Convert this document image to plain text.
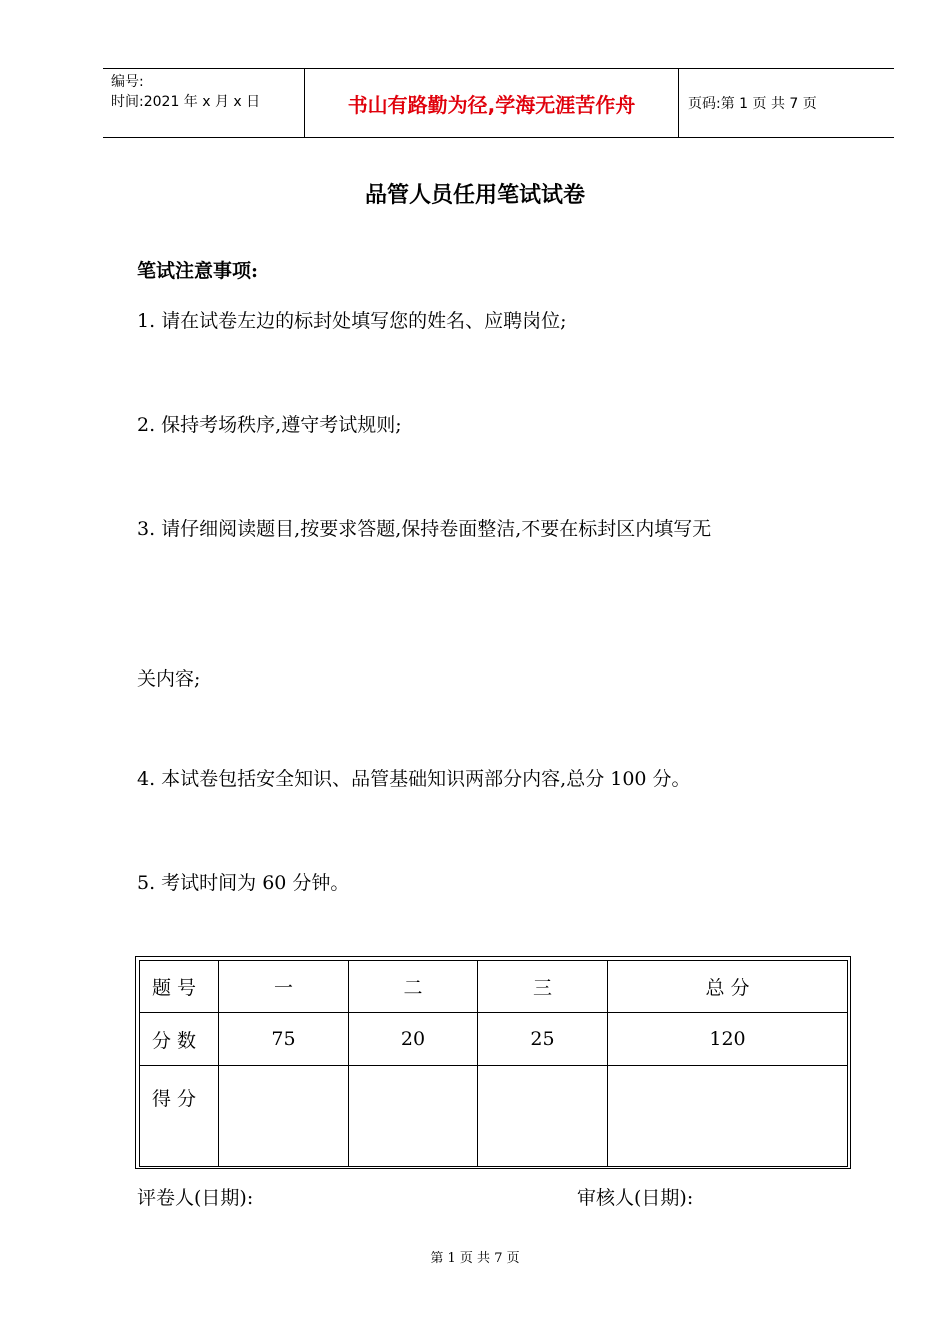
编号:
时间:2021 年 x 月 x 日	书山有路勤为径,学海无涯苦作舟	页码:第 1 页 共 7 页
品管人员任用笔试试卷
笔试注意事项:
1. 请在试卷左边的标封处填写您的姓名、应聘岗位;
2. 保持考场秩序,遵守考试规则;
3. 请仔细阅读题目,按要求答题,保持卷面整洁,不要在标封区内填写无
关内容;
4. 本试卷包括安全知识、品管基础知识两部分内容,总分 100 分。
5. 考试时间为 60 分钟。
题 号	一	二	三	总 分
分 数	75	20	25	120
得 分				
评卷人(日期):	审核人(日期):
第 1 页 共 7 页
